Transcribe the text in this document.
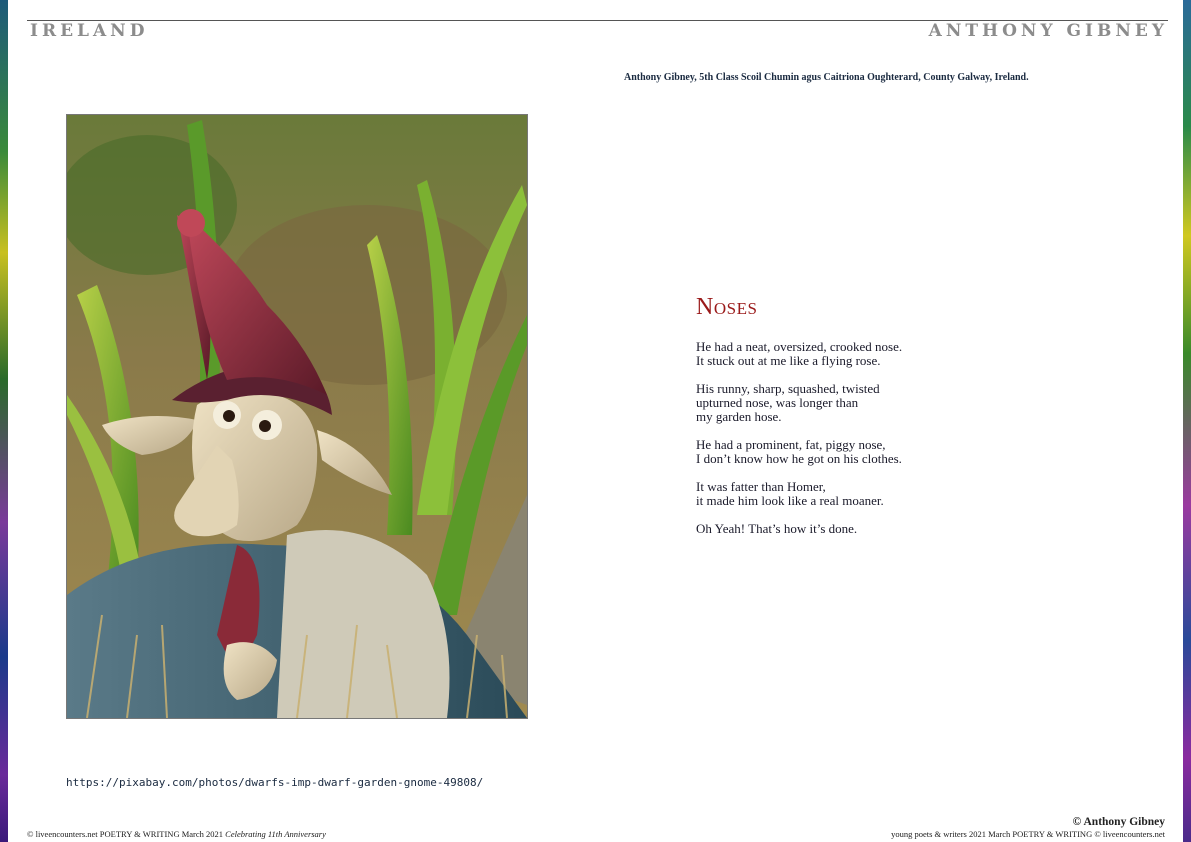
IRELAND	ANTHONY GIBNEY
Anthony Gibney, 5th Class Scoil Chumin agus Caitriona Oughterard, County Galway, Ireland.
Noses
He had a neat, oversized, crooked nose.
It stuck out at me like a flying rose.
His runny, sharp, squashed, twisted
upturned nose, was longer than
my garden hose.
He had a prominent, fat, piggy nose,
I don’t know how he got on his clothes.
It was fatter than Homer,
it made him look like a real moaner.
Oh Yeah! That’s how it’s done.
https://pixabay.com/photos/dwarfs-imp-dwarf-garden-gnome-49808/
© Anthony Gibney
© liveencounters.net POETRY & WRITING March 2021 Celebrating 11th Anniversary	young poets & writers 2021 March POETRY & WRITING © liveencounters.net
